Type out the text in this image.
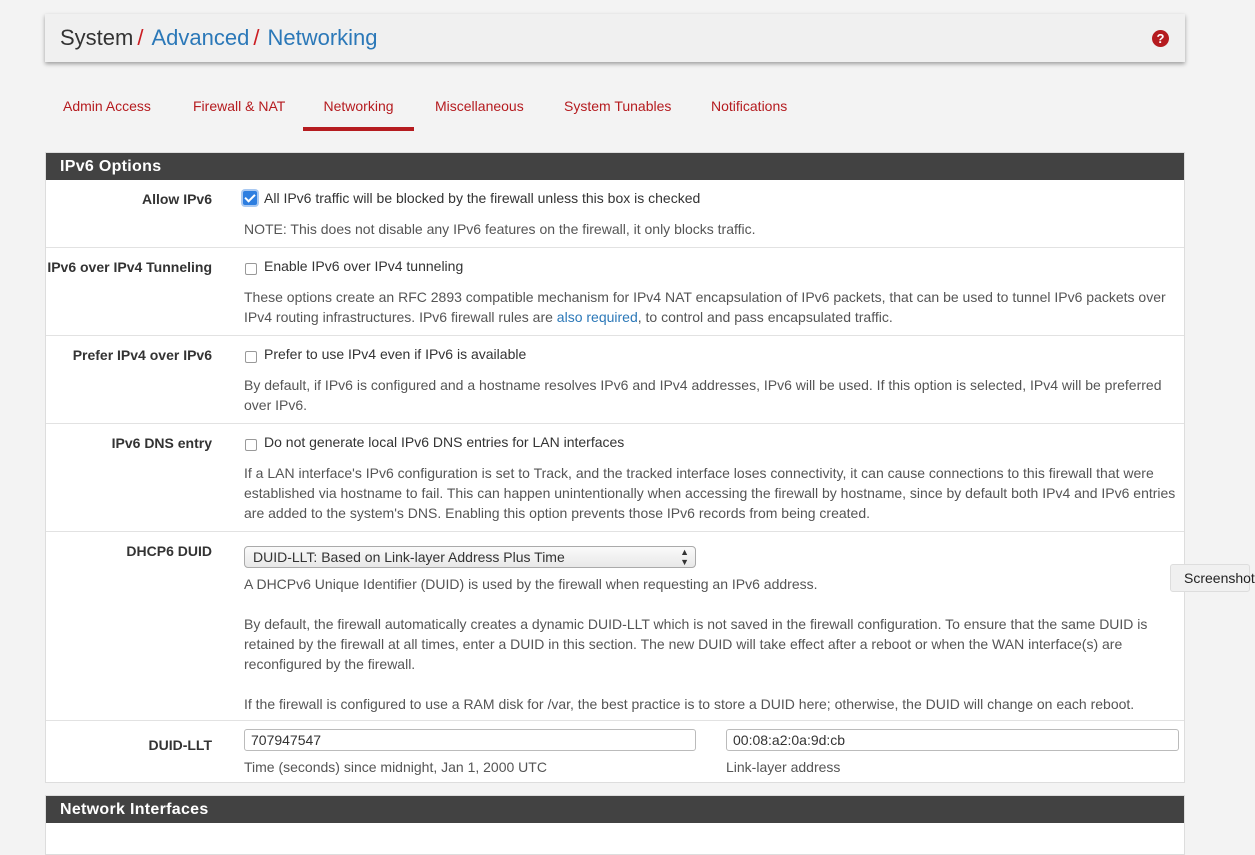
System / Advanced / Networking	?
Admin Access	Firewall & NAT	Networking	Miscellaneous	System Tunables	Notifications
IPv6 Options
Allow IPv6	All IPv6 traffic will be blocked by the firewall unless this box is checked
NOTE: This does not disable any IPv6 features on the firewall, it only blocks traffic.
IPv6 over IPv4 Tunneling	Enable IPv6 over IPv4 tunneling
These options create an RFC 2893 compatible mechanism for IPv4 NAT encapsulation of IPv6 packets, that can be used to tunnel IPv6 packets over IPv4 routing infrastructures. IPv6 firewall rules are also required, to control and pass encapsulated traffic.
Prefer IPv4 over IPv6	Prefer to use IPv4 even if IPv6 is available
By default, if IPv6 is configured and a hostname resolves IPv6 and IPv4 addresses, IPv6 will be used. If this option is selected, IPv4 will be preferred over IPv6.
IPv6 DNS entry	Do not generate local IPv6 DNS entries for LAN interfaces
If a LAN interface's IPv6 configuration is set to Track, and the tracked interface loses connectivity, it can cause connections to this firewall that were established via hostname to fail. This can happen unintentionally when accessing the firewall by hostname, since by default both IPv4 and IPv6 entries are added to the system's DNS. Enabling this option prevents those IPv6 records from being created.
DHCP6 DUID	DUID-LLT: Based on Link-layer Address Plus Time	▲
▼
A DHCPv6 Unique Identifier (DUID) is used by the firewall when requesting an IPv6 address.
By default, the firewall automatically creates a dynamic DUID-LLT which is not saved in the firewall configuration. To ensure that the same DUID is retained by the firewall at all times, enter a DUID in this section. The new DUID will take effect after a reboot or when the WAN interface(s) are reconfigured by the firewall.
If the firewall is configured to use a RAM disk for /var, the best practice is to store a DUID here; otherwise, the DUID will change on each reboot.
DUID-LLT	707947547
Time (seconds) since midnight, Jan 1, 2000 UTC
00:08:a2:0a:9d:cb
Link-layer address
Network Interfaces
Screenshot
